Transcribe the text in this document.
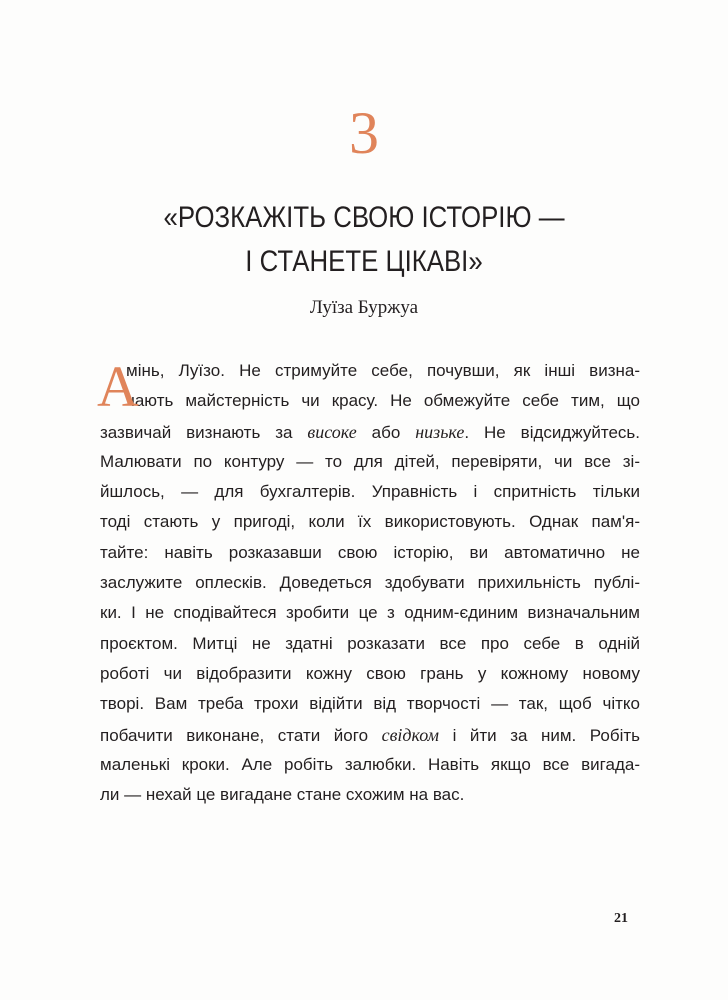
3
«РОЗКАЖІТЬ СВОЮ ІСТОРІЮ —
І СТАНЕТЕ ЦІКАВІ»
Луїза Буржуа
А
мінь, Луїзо. Не стримуйте себе, почувши, як інші визна-
чають майстерність чи красу. Не обмежуйте себе тим, що
зазвичай визнають за високе або низьке. Не відсиджуйтесь.
Малювати по контуру — то для дітей, перевіряти, чи все зі-
йшлось, — для бухгалтерів. Управність і спритність тільки
тоді стають у пригоді, коли їх використовують. Однак пам'я-
тайте: навіть розказавши свою історію, ви автоматично не
заслужите оплесків. Доведеться здобувати прихильність публі-
ки. І не сподівайтеся зробити це з одним-єдиним визначальним
проєктом. Митці не здатні розказати все про себе в одній
роботі чи відобразити кожну свою грань у кожному новому
творі. Вам треба трохи відійти від творчості — так, щоб чітко
побачити виконане, стати його свідком і йти за ним. Робіть
маленькі кроки. Але робіть залюбки. Навіть якщо все вигада-
ли — нехай це вигадане стане схожим на вас.
21
